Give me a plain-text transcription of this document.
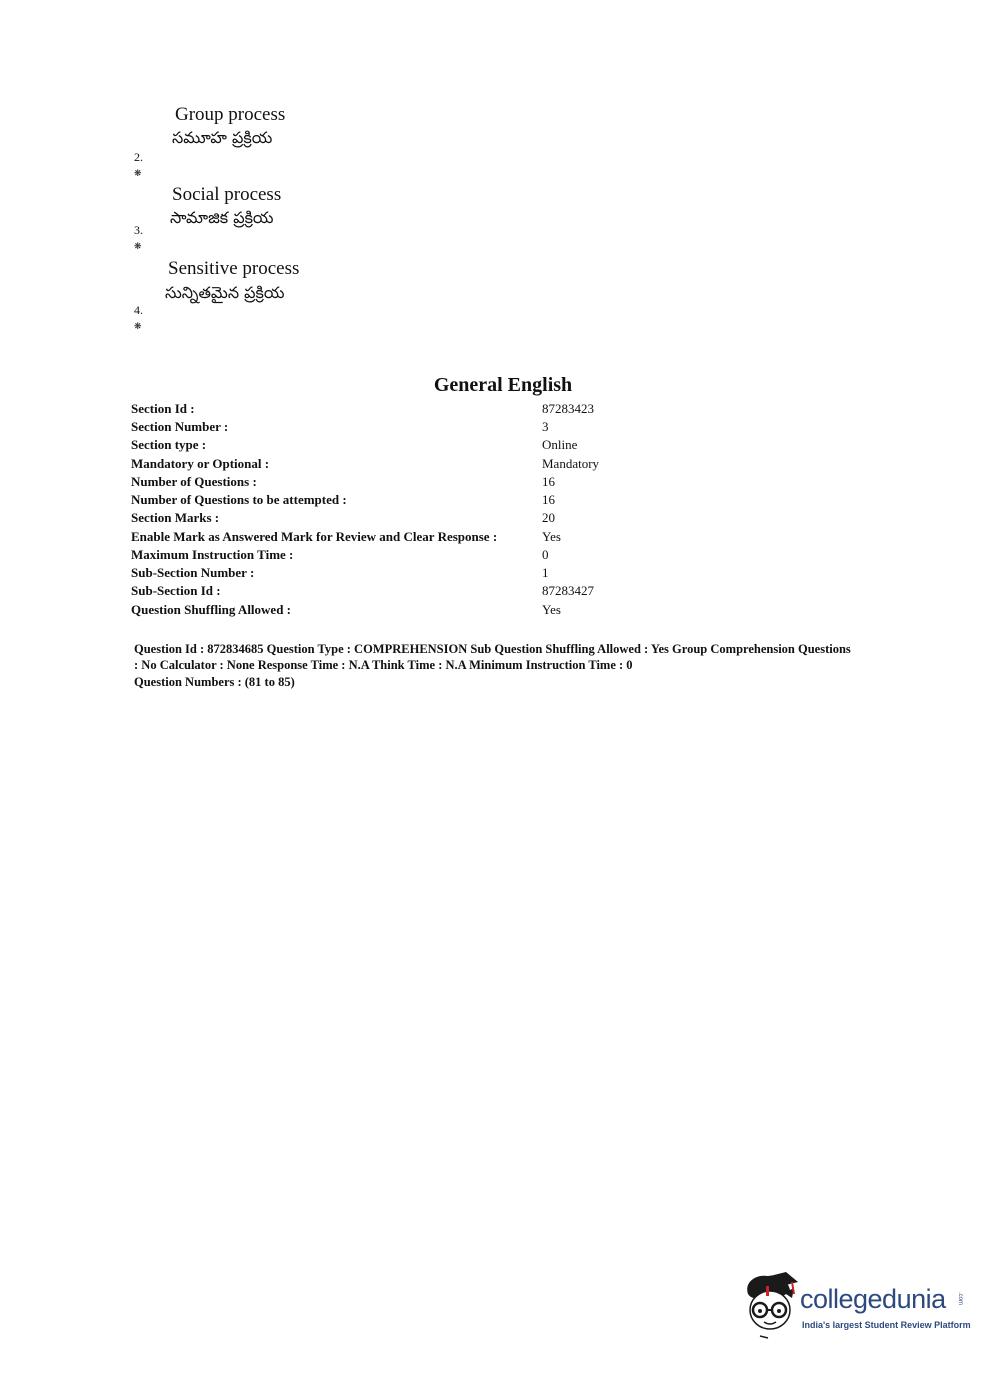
Group process
సమూహ ప్రక్రియ
2. ❋
Social process
సామాజిక ప్రక్రియ
3. ❋
Sensitive process
సున్నితమైన ప్రక్రియ
4. ❋
General English
Section Id :	87283423
Section Number :	3
Section type :	Online
Mandatory or Optional :	Mandatory
Number of Questions :	16
Number of Questions to be attempted :	16
Section Marks :	20
Enable Mark as Answered Mark for Review and Clear Response :	Yes
Maximum Instruction Time :	0
Sub-Section Number :	1
Sub-Section Id :	87283427
Question Shuffling Allowed :	Yes
Question Id : 872834685 Question Type : COMPREHENSION Sub Question Shuffling Allowed : Yes Group Comprehension Questions : No Calculator : None Response Time : N.A Think Time : N.A Minimum Instruction Time : 0
Question Numbers : (81 to 85)
collegedunia .com
India's largest Student Review Platform
